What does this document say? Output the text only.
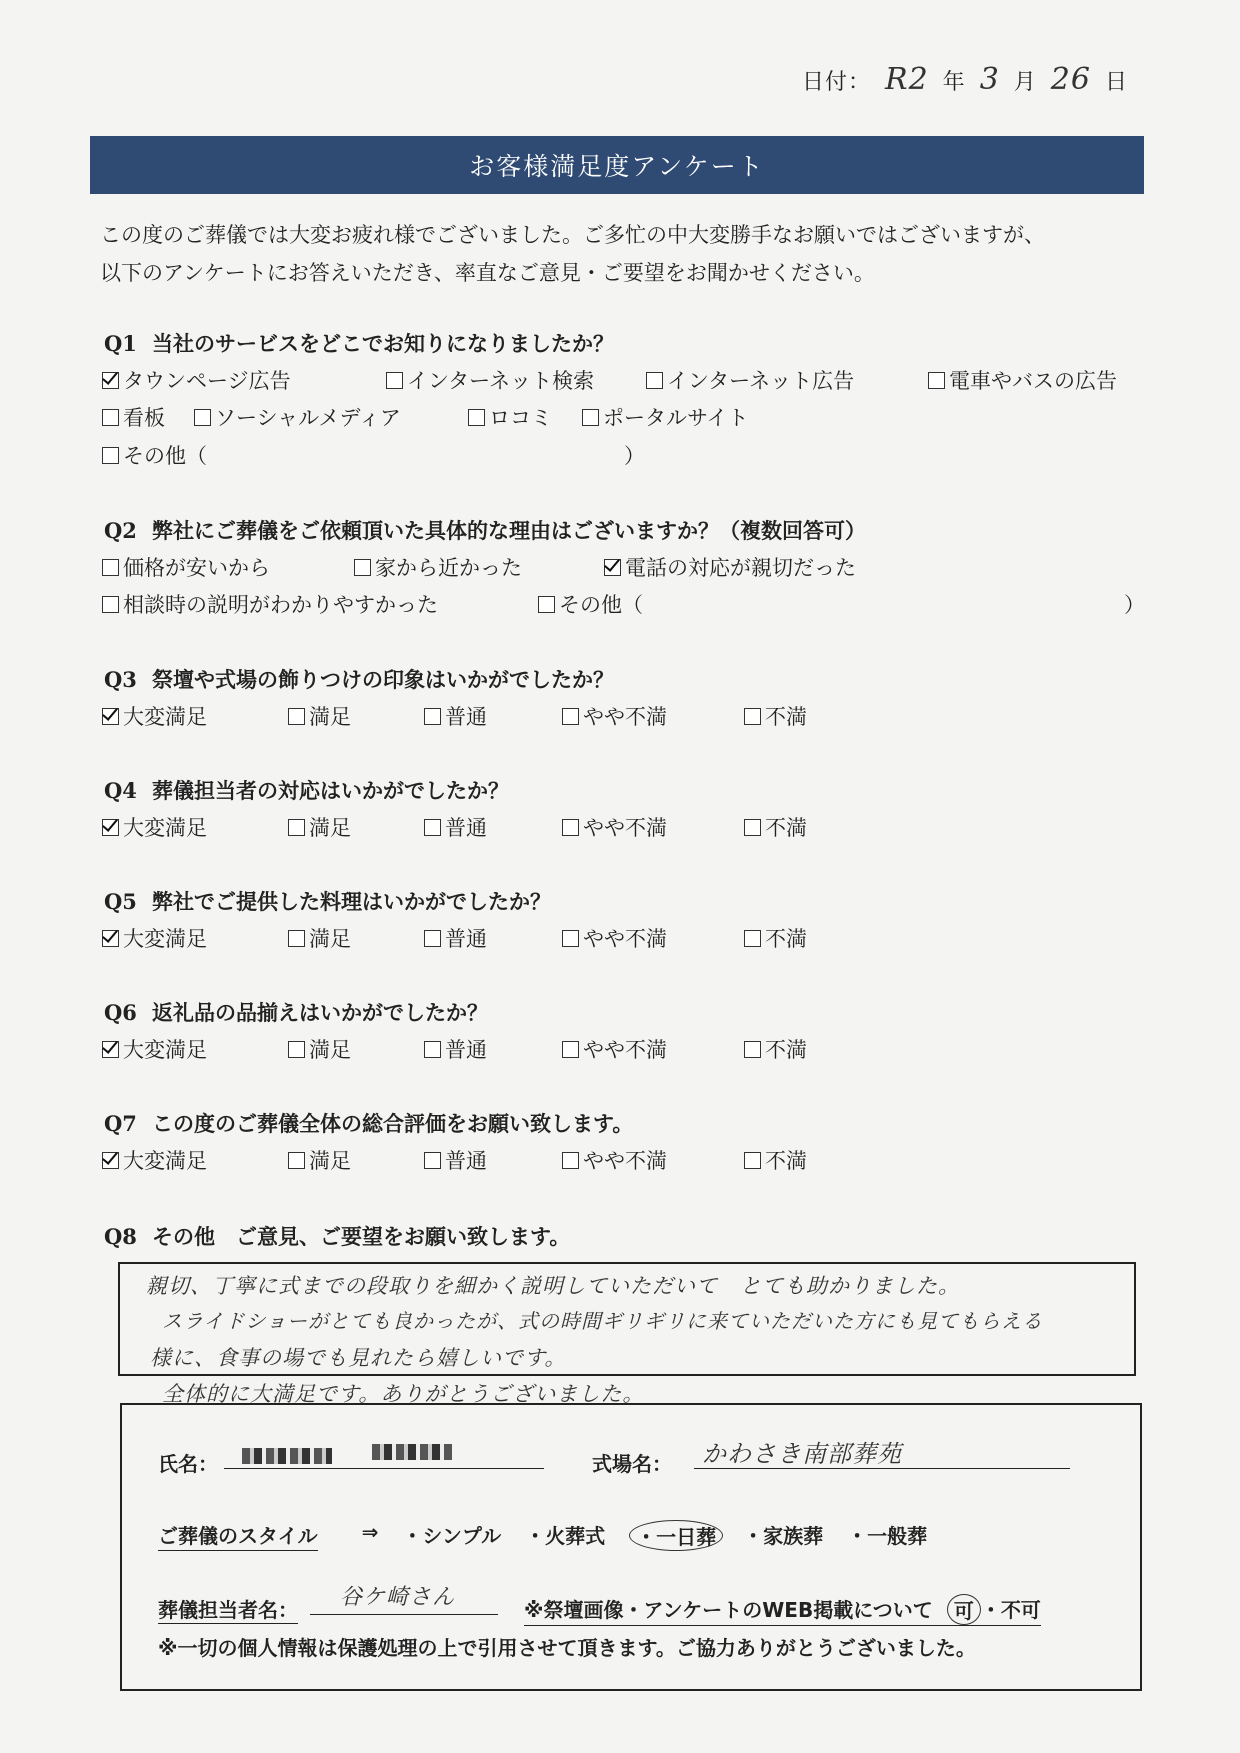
日付： R2 年 3 月 26 日
お客様満足度アンケート
この度のご葬儀では大変お疲れ様でございました。ご多忙の中大変勝手なお願いではございますが、
以下のアンケートにお答えいただき、率直なご意見・ご要望をお聞かせください。
Q1 当社のサービスをどこでお知りになりましたか？
タウンページ広告	インターネット検索	インターネット広告	電車やバスの広告
看板 ソーシャルメディア	ロコミ ポータルサイト
その他（	）
Q2 弊社にご葬儀をご依頼頂いた具体的な理由はございますか？（複数回答可）
価格が安いから	家から近かった	電話の対応が親切だった
相談時の説明がわかりやすかった	その他（	）
Q3 祭壇や式場の飾りつけの印象はいかがでしたか？
大変満足	満足	普通	やや不満	不満
Q4 葬儀担当者の対応はいかがでしたか？
大変満足	満足	普通	やや不満	不満
Q5 弊社でご提供した料理はいかがでしたか？
大変満足	満足	普通	やや不満	不満
Q6 返礼品の品揃えはいかがでしたか？
大変満足	満足	普通	やや不満	不満
Q7 この度のご葬儀全体の総合評価をお願い致します。
大変満足	満足	普通	やや不満	不満
Q8 その他　ご意見、ご要望をお願い致します。
親切、丁寧に式までの段取りを細かく説明していただいて　とても助かりました。
スライドショーがとても良かったが、式の時間ギリギリに来ていただいた方にも見てもらえる
様に、食事の場でも見れたら嬉しいです。
全体的に大満足です。ありがとうございました。
氏名：	式場名：	かわさき南部葬苑
ご葬儀のスタイル ⇒ ・シンプル ・火葬式	・一日葬	・家族葬 ・一般葬
葬儀担当者名：	谷ケ崎さん	※祭壇画像・アンケートのWEB掲載について	可 ・ 不可
※一切の個人情報は保護処理の上で引用させて頂きます。ご協力ありがとうございました。
